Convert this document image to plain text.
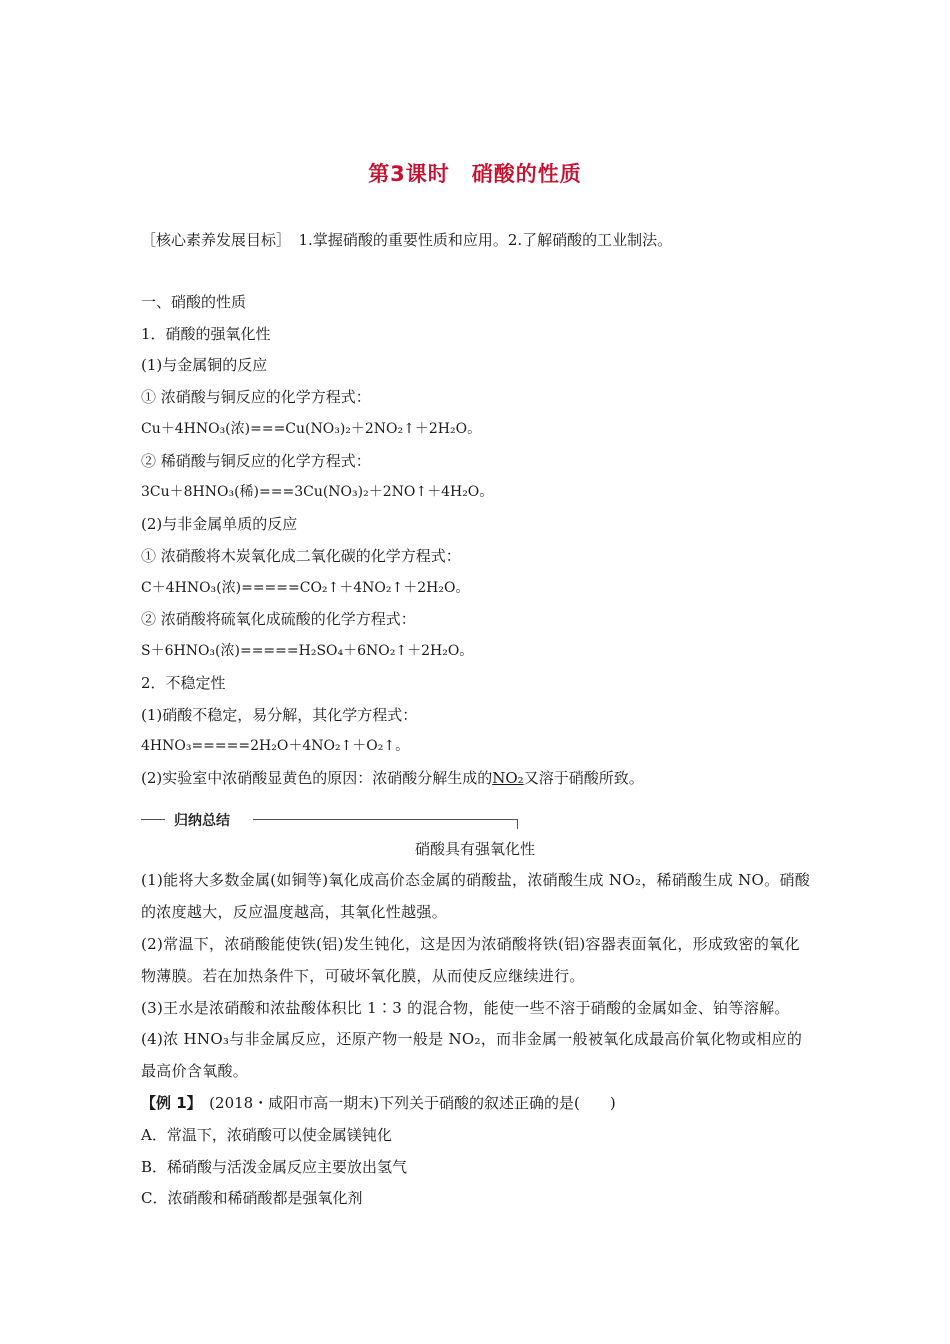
第3课时　硝酸的性质
［核心素养发展目标］　1.掌握硝酸的重要性质和应用。2.了解硝酸的工业制法。
一、硝酸的性质
1．硝酸的强氧化性
(1)与金属铜的反应
① 浓硝酸与铜反应的化学方程式：
Cu＋4HNO₃(浓)===Cu(NO₃)₂＋2NO₂↑＋2H₂O。
② 稀硝酸与铜反应的化学方程式：
3Cu＋8HNO₃(稀)===3Cu(NO₃)₂＋2NO↑＋4H₂O。
(2)与非金属单质的反应
① 浓硝酸将木炭氧化成二氧化碳的化学方程式：
C＋4HNO₃(浓)=====CO₂↑＋4NO₂↑＋2H₂O。
② 浓硝酸将硫氧化成硫酸的化学方程式：
S＋6HNO₃(浓)=====H₂SO₄＋6NO₂↑＋2H₂O。
2．不稳定性
(1)硝酸不稳定，易分解，其化学方程式：
4HNO₃=====2H₂O＋4NO₂↑＋O₂↑。
(2)实验室中浓硝酸显黄色的原因：浓硝酸分解生成的NO₂又溶于硝酸所致。
归纳总结
硝酸具有强氧化性
(1)能将大多数金属(如铜等)氧化成高价态金属的硝酸盐，浓硝酸生成 NO₂，稀硝酸生成 NO。硝酸的浓度越大，反应温度越高，其氧化性越强。
(2)常温下，浓硝酸能使铁(铝)发生钝化，这是因为浓硝酸将铁(铝)容器表面氧化，形成致密的氧化物薄膜。若在加热条件下，可破坏氧化膜，从而使反应继续进行。
(3)王水是浓硝酸和浓盐酸体积比 1∶3 的混合物，能使一些不溶于硝酸的金属如金、铂等溶解。
(4)浓 HNO₃与非金属反应，还原产物一般是 NO₂，而非金属一般被氧化成最高价氧化物或相应的最高价含氧酸。
【例 1】　(2018・咸阳市高一期末)下列关于硝酸的叙述正确的是(　　)
A．常温下，浓硝酸可以使金属镁钝化
B．稀硝酸与活泼金属反应主要放出氢气
C．浓硝酸和稀硝酸都是强氧化剂
